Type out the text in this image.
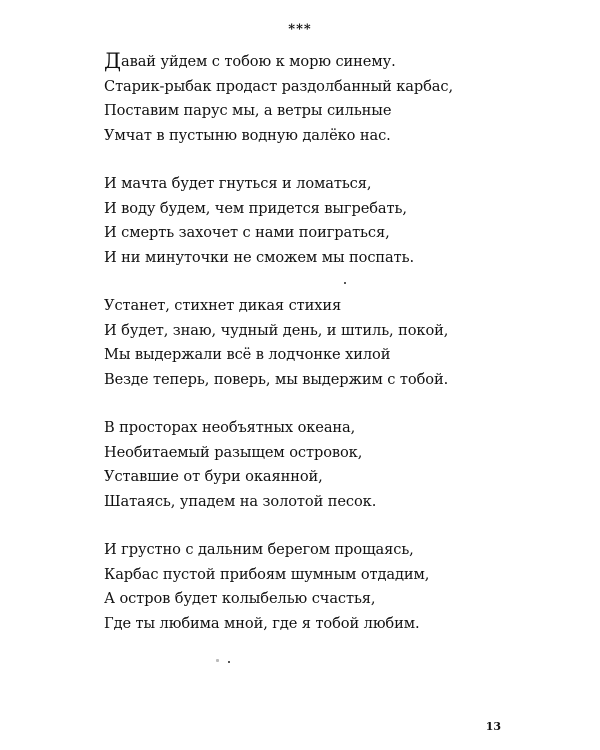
***
Давай уйдем с тобою к морю синему.
Старик-рыбак продаст раздолбанный карбас,
Поставим парус мы, а ветры сильные
Умчат в пустыню водную далёко нас.
И мачта будет гнуться и ломаться,
И воду будем, чем придется выгребать,
И смерть захочет с нами поиграться,
И ни минуточки не сможем мы поспать.
Устанет, стихнет дикая стихия
И будет, знаю, чудный день, и штиль, покой,
Мы выдержали всё в лодчонке хилой
Везде теперь, поверь, мы выдержим с тобой.
В просторах необъятных океана,
Необитаемый разыщем островок,
Уставшие от бури окаянной,
Шатаясь, упадем на золотой песок.
И грустно с дальним берегом прощаясь,
Карбас пустой прибоям шумным отдадим,
А остров будет колыбелью счастья,
Где ты любима мной, где я тобой любим.
13
